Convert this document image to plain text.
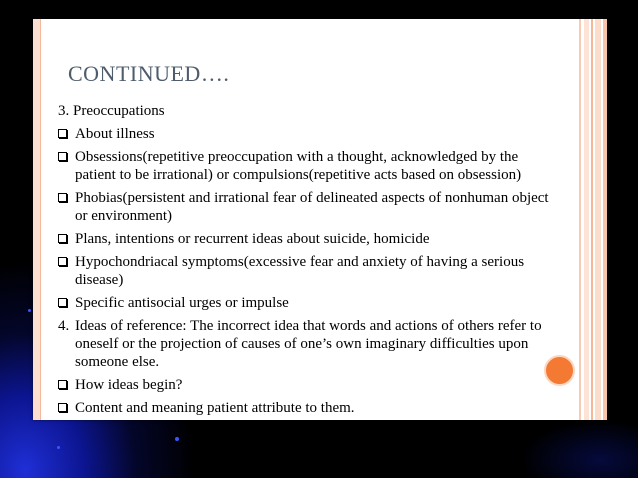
CONTINUED….
3. Preoccupations
About illness
Obsessions(repetitive preoccupation with a thought, acknowledged by the patient to be irrational) or compulsions(repetitive acts based on obsession)
Phobias(persistent and irrational fear of delineated aspects of nonhuman object or environment)
Plans, intentions or recurrent ideas about suicide, homicide
Hypochondriacal symptoms(excessive fear and anxiety of having a serious disease)
Specific antisocial urges or impulse
4. Ideas of reference: The incorrect idea that words and actions of others refer to oneself or the projection of causes of one’s own imaginary difficulties upon someone else.
How ideas begin?
Content and meaning patient attribute to them.
